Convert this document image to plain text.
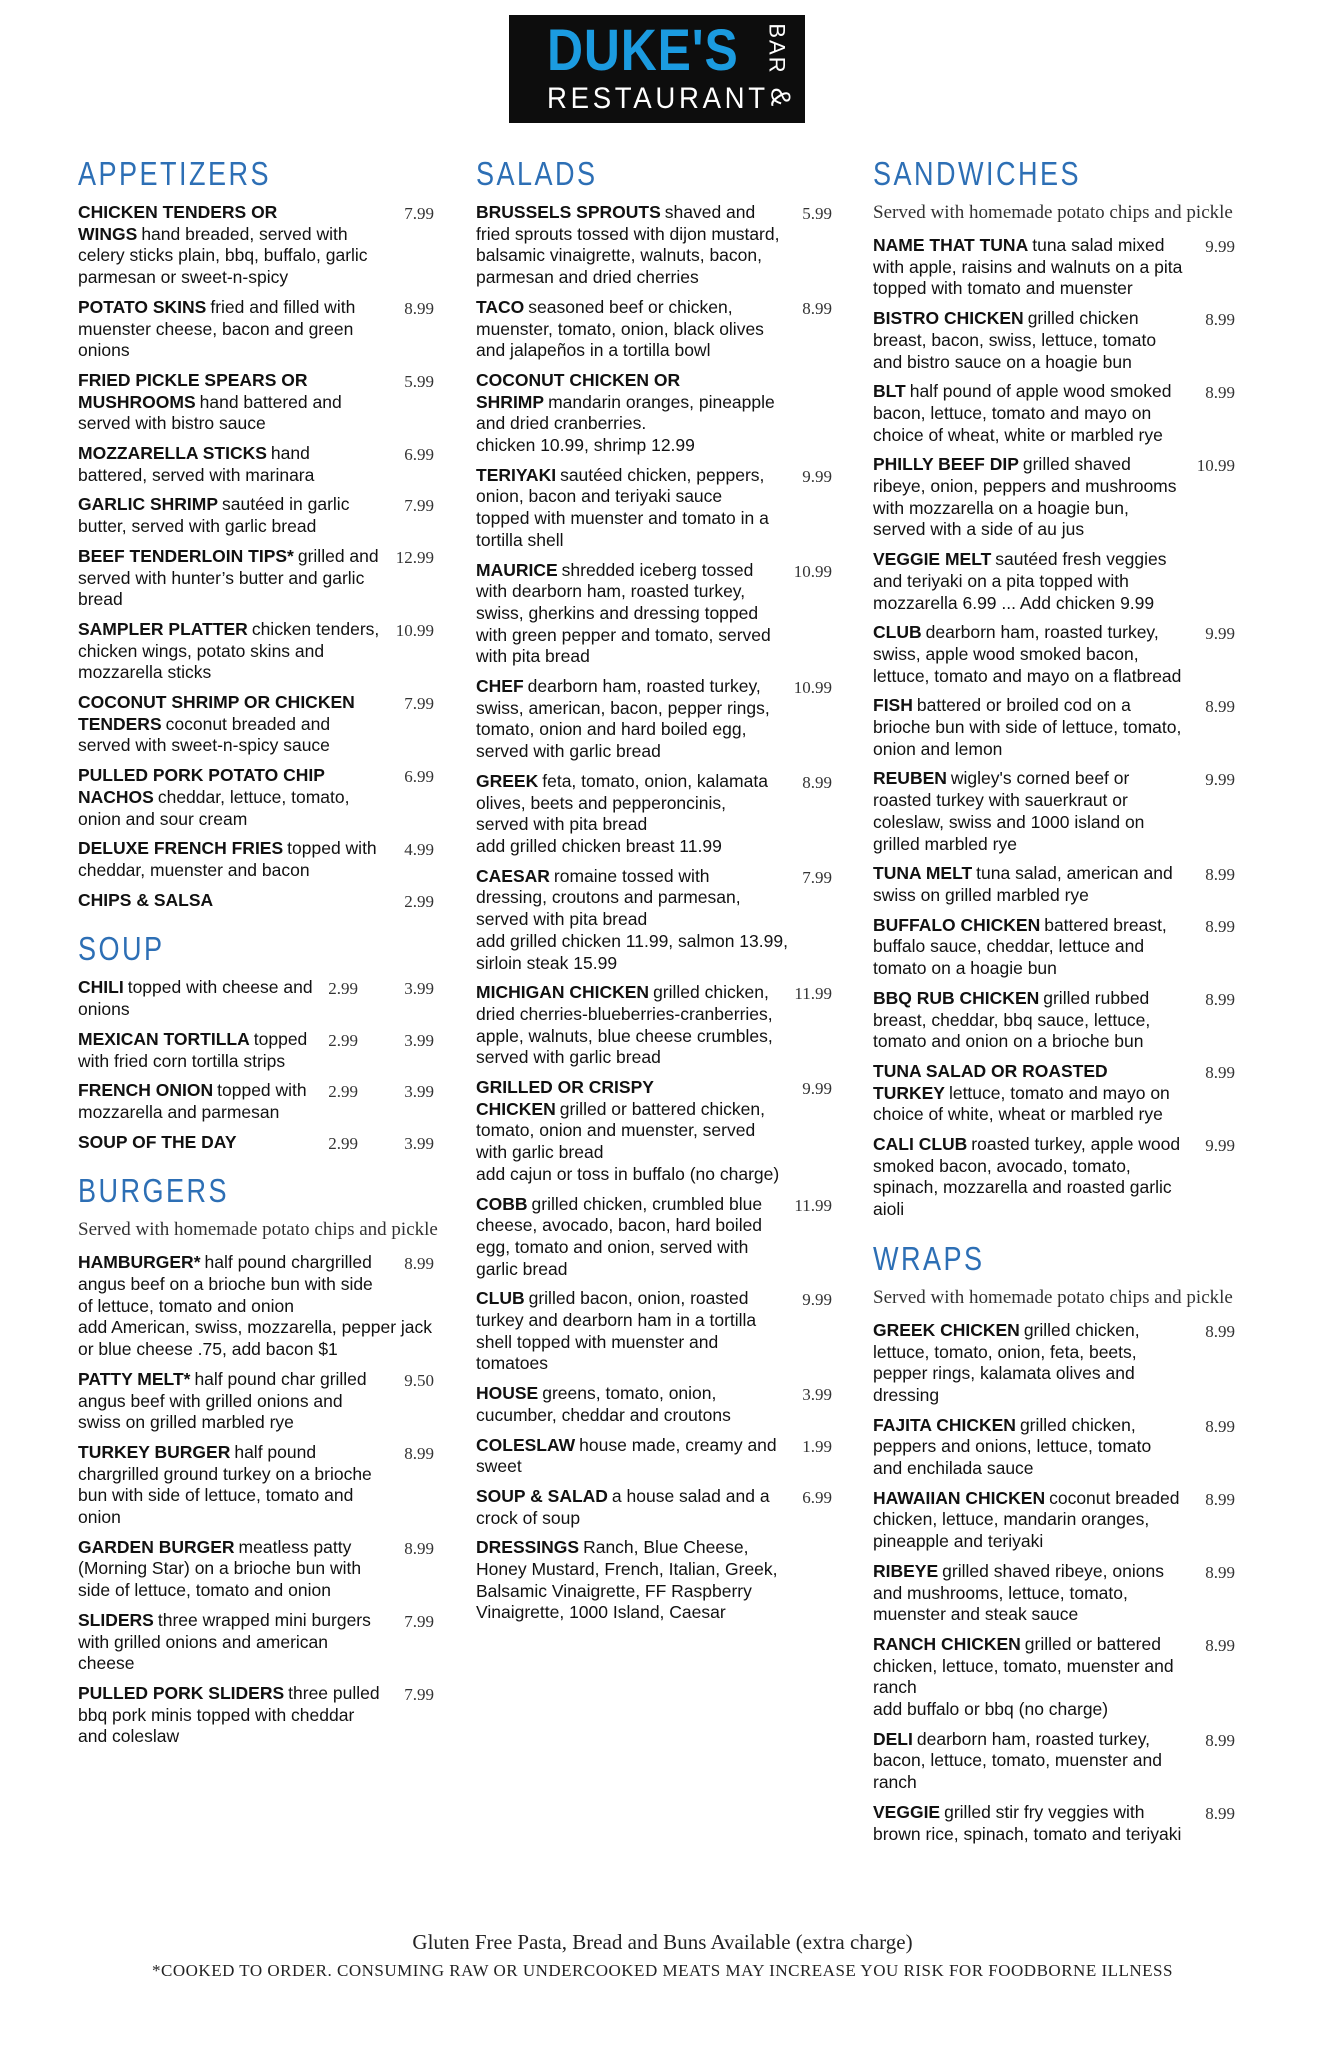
DUKE'S BAR
RESTAURANT
&
APPETIZERS
CHICKEN TENDERS OR WINGS hand breaded, served with celery sticks plain, bbq, buffalo, garlic parmesan or sweet-n-spicy
7.99
POTATO SKINS fried and filled with muenster cheese, bacon and green onions
8.99
FRIED PICKLE SPEARS OR MUSHROOMS hand battered and served with bistro sauce
5.99
MOZZARELLA STICKS hand battered, served with marinara
6.99
GARLIC SHRIMP sautéed in garlic butter, served with garlic bread
7.99
BEEF TENDERLOIN TIPS* grilled and served with hunter’s butter and garlic bread
12.99
SAMPLER PLATTER chicken tenders, chicken wings, potato skins and mozzarella sticks
10.99
COCONUT SHRIMP OR CHICKEN TENDERS coconut breaded and served with sweet-n-spicy sauce
7.99
PULLED PORK POTATO CHIP NACHOS cheddar, lettuce, tomato, onion and sour cream
6.99
DELUXE FRENCH FRIES topped with cheddar, muenster and bacon
4.99
CHIPS & SALSA	2.99
SOUP
CHILI topped with cheese and onions
2.99	3.99
MEXICAN TORTILLA topped with fried corn tortilla strips
2.99	3.99
FRENCH ONION topped with mozzarella and parmesan
2.99	3.99
SOUP OF THE DAY	2.99	3.99
BURGERS
Served with homemade potato chips and pickle
HAMBURGER* half pound chargrilled angus beef on a brioche bun with side of lettuce, tomato and onion
add American, swiss, mozzarella, pepper jack or blue cheese .75, add bacon $1
8.99
PATTY MELT* half pound char grilled angus beef with grilled onions and swiss on grilled marbled rye
9.50
TURKEY BURGER half pound chargrilled ground turkey on a brioche bun with side of lettuce, tomato and onion
8.99
GARDEN BURGER meatless patty (Morning Star) on a brioche bun with side of lettuce, tomato and onion
8.99
SLIDERS three wrapped mini burgers with grilled onions and american cheese
7.99
PULLED PORK SLIDERS three pulled bbq pork minis topped with cheddar and coleslaw
7.99
SALADS
BRUSSELS SPROUTS shaved and fried sprouts tossed with dijon mustard, balsamic vinaigrette, walnuts, bacon, parmesan and dried cherries
5.99
TACO seasoned beef or chicken, muenster, tomato, onion, black olives and jalapeños in a tortilla bowl
8.99
COCONUT CHICKEN OR SHRIMP mandarin oranges, pineapple and dried cranberries.
chicken 10.99, shrimp 12.99
TERIYAKI sautéed chicken, peppers, onion, bacon and teriyaki sauce topped with muenster and tomato in a tortilla shell
9.99
MAURICE shredded iceberg tossed with dearborn ham, roasted turkey, swiss, gherkins and dressing topped with green pepper and tomato, served with pita bread
10.99
CHEF dearborn ham, roasted turkey, swiss, american, bacon, pepper rings, tomato, onion and hard boiled egg, served with garlic bread
10.99
GREEK feta, tomato, onion, kalamata olives, beets and pepperoncinis, served with pita bread
add grilled chicken breast 11.99
8.99
CAESAR romaine tossed with dressing, croutons and parmesan, served with pita bread
add grilled chicken 11.99, salmon 13.99, sirloin steak 15.99
7.99
MICHIGAN CHICKEN grilled chicken, dried cherries-blueberries-cranberries, apple, walnuts, blue cheese crumbles, served with garlic bread
11.99
GRILLED OR CRISPY CHICKEN grilled or battered chicken, tomato, onion and muenster, served with garlic bread
add cajun or toss in buffalo (no charge)
9.99
COBB grilled chicken, crumbled blue cheese, avocado, bacon, hard boiled egg, tomato and onion, served with garlic bread
11.99
CLUB grilled bacon, onion, roasted turkey and dearborn ham in a tortilla shell topped with muenster and tomatoes
9.99
HOUSE greens, tomato, onion, cucumber, cheddar and croutons
3.99
COLESLAW house made, creamy and sweet
1.99
SOUP & SALAD a house salad and a crock of soup
6.99
DRESSINGS Ranch, Blue Cheese, Honey Mustard, French, Italian, Greek, Balsamic Vinaigrette, FF Raspberry Vinaigrette, 1000 Island, Caesar
SANDWICHES
Served with homemade potato chips and pickle
NAME THAT TUNA tuna salad mixed with apple, raisins and walnuts on a pita topped with tomato and muenster
9.99
BISTRO CHICKEN grilled chicken breast, bacon, swiss, lettuce, tomato and bistro sauce on a hoagie bun
8.99
BLT half pound of apple wood smoked bacon, lettuce, tomato and mayo on choice of wheat, white or marbled rye
8.99
PHILLY BEEF DIP grilled shaved ribeye, onion, peppers and mushrooms with mozzarella on a hoagie bun, served with a side of au jus
10.99
VEGGIE MELT sautéed fresh veggies and teriyaki on a pita topped with mozzarella 6.99 ... Add chicken 9.99
CLUB dearborn ham, roasted turkey, swiss, apple wood smoked bacon, lettuce, tomato and mayo on a flatbread
9.99
FISH battered or broiled cod on a brioche bun with side of lettuce, tomato, onion and lemon
8.99
REUBEN wigley's corned beef or roasted turkey with sauerkraut or coleslaw, swiss and 1000 island on grilled marbled rye
9.99
TUNA MELT tuna salad, american and swiss on grilled marbled rye
8.99
BUFFALO CHICKEN battered breast, buffalo sauce, cheddar, lettuce and tomato on a hoagie bun
8.99
BBQ RUB CHICKEN grilled rubbed breast, cheddar, bbq sauce, lettuce, tomato and onion on a brioche bun
8.99
TUNA SALAD OR ROASTED TURKEY lettuce, tomato and mayo on choice of white, wheat or marbled rye
8.99
CALI CLUB roasted turkey, apple wood smoked bacon, avocado, tomato, spinach, mozzarella and roasted garlic aioli
9.99
WRAPS
Served with homemade potato chips and pickle
GREEK CHICKEN grilled chicken, lettuce, tomato, onion, feta, beets, pepper rings, kalamata olives and dressing
8.99
FAJITA CHICKEN grilled chicken, peppers and onions, lettuce, tomato and enchilada sauce
8.99
HAWAIIAN CHICKEN coconut breaded chicken, lettuce, mandarin oranges, pineapple and teriyaki
8.99
RIBEYE grilled shaved ribeye, onions and mushrooms, lettuce, tomato, muenster and steak sauce
8.99
RANCH CHICKEN grilled or battered chicken, lettuce, tomato, muenster and ranch
add buffalo or bbq (no charge)
8.99
DELI dearborn ham, roasted turkey, bacon, lettuce, tomato, muenster and ranch
8.99
VEGGIE grilled stir fry veggies with brown rice, spinach, tomato and teriyaki
8.99
Gluten Free Pasta, Bread and Buns Available (extra charge)
*COOKED TO ORDER. CONSUMING RAW OR UNDERCOOKED MEATS MAY INCREASE YOU RISK FOR FOODBORNE ILLNESS
